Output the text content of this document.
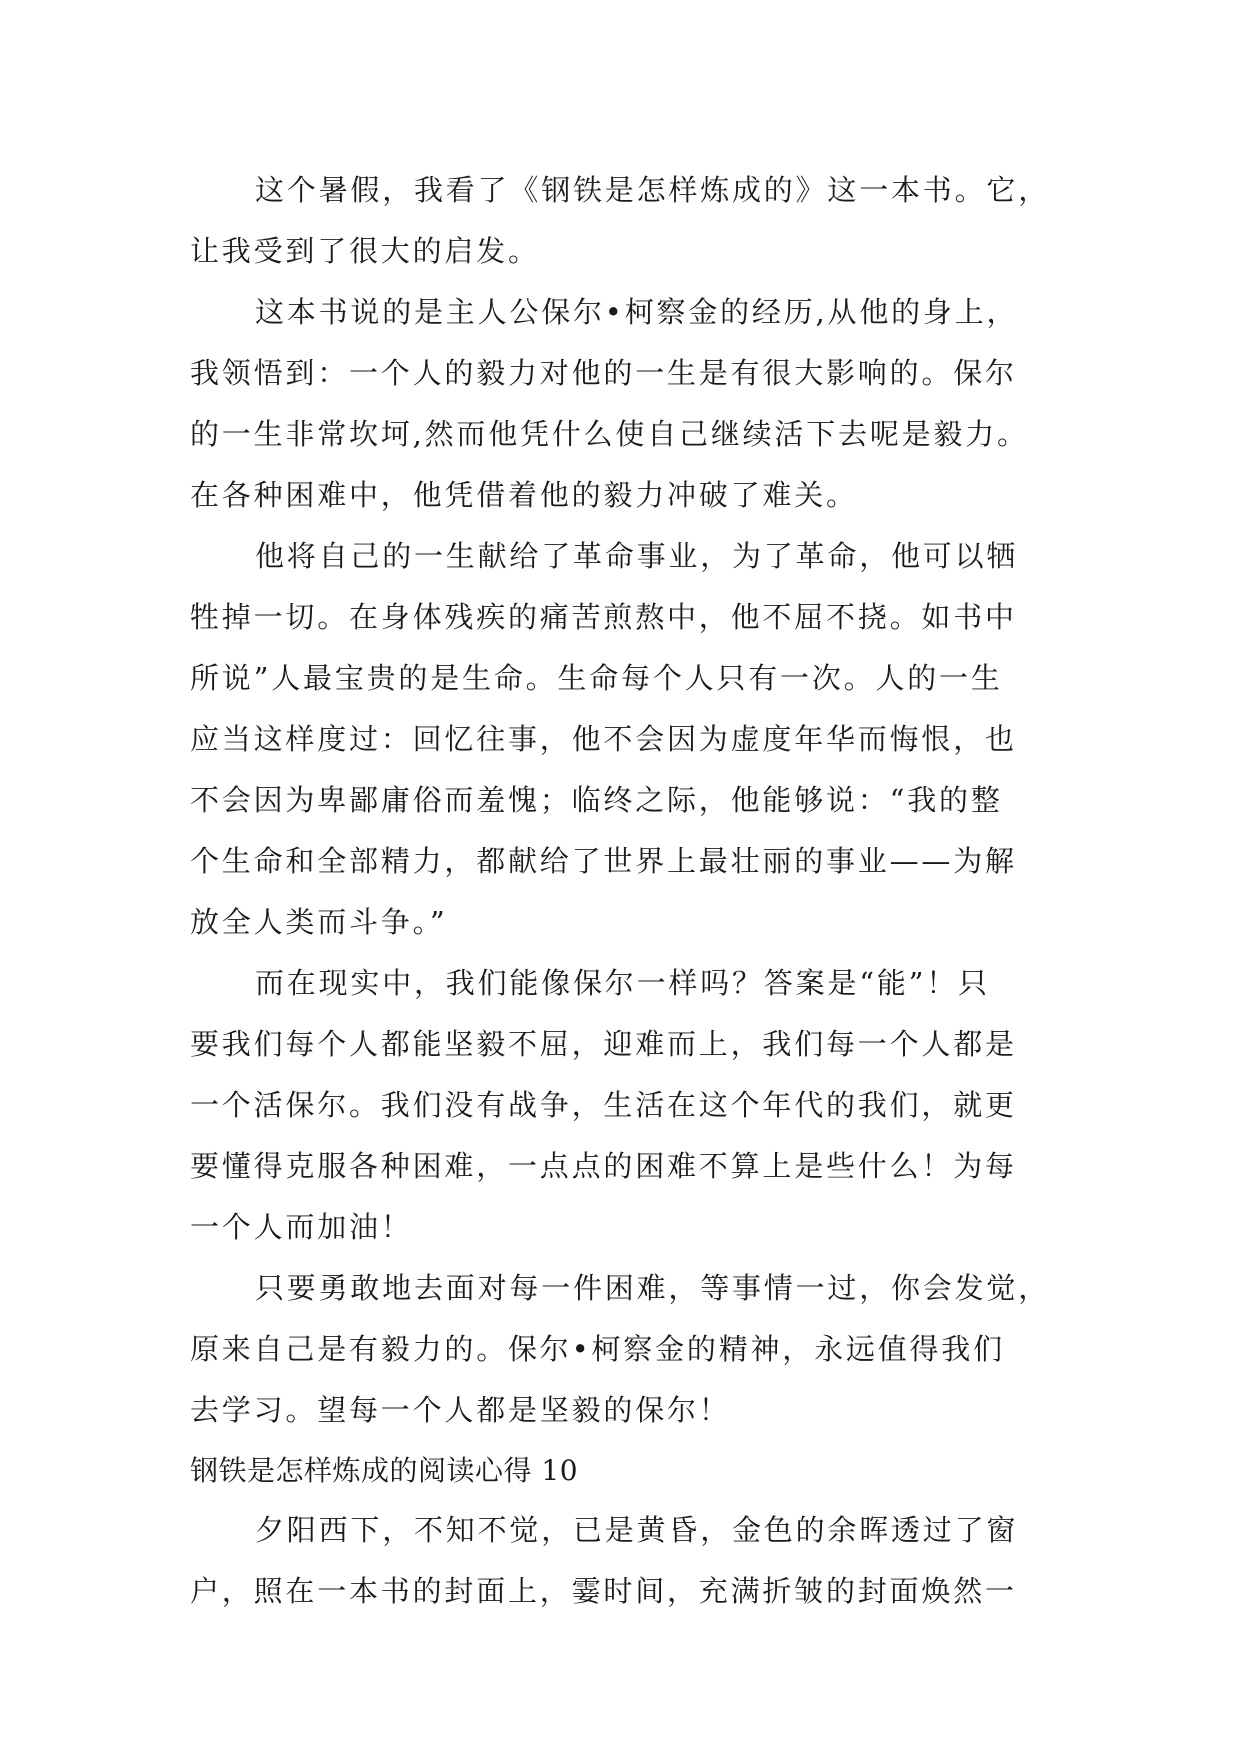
这个暑假，我看了《钢铁是怎样炼成的》这一本书。它，
让我受到了很大的启发。
这本书说的是主人公保尔•柯察金的经历,从他的身上，
我领悟到：一个人的毅力对他的一生是有很大影响的。保尔
的一生非常坎坷,然而他凭什么使自己继续活下去呢是毅力。
在各种困难中，他凭借着他的毅力冲破了难关。
他将自己的一生献给了革命事业，为了革命，他可以牺
牲掉一切。在身体残疾的痛苦煎熬中，他不屈不挠。如书中
所说”人最宝贵的是生命。生命每个人只有一次。人的一生
应当这样度过：回忆往事，他不会因为虚度年华而悔恨，也
不会因为卑鄙庸俗而羞愧；临终之际，他能够说：“我的整
个生命和全部精力，都献给了世界上最壮丽的事业——为解
放全人类而斗争。”
而在现实中，我们能像保尔一样吗？答案是“能”！只
要我们每个人都能坚毅不屈，迎难而上，我们每一个人都是
一个活保尔。我们没有战争，生活在这个年代的我们，就更
要懂得克服各种困难，一点点的困难不算上是些什么！为每
一个人而加油！
只要勇敢地去面对每一件困难，等事情一过，你会发觉，
原来自己是有毅力的。保尔•柯察金的精神，永远值得我们
去学习。望每一个人都是坚毅的保尔！
钢铁是怎样炼成的阅读心得 10
夕阳西下，不知不觉，已是黄昏，金色的余晖透过了窗
户，照在一本书的封面上，霎时间，充满折皱的封面焕然一
